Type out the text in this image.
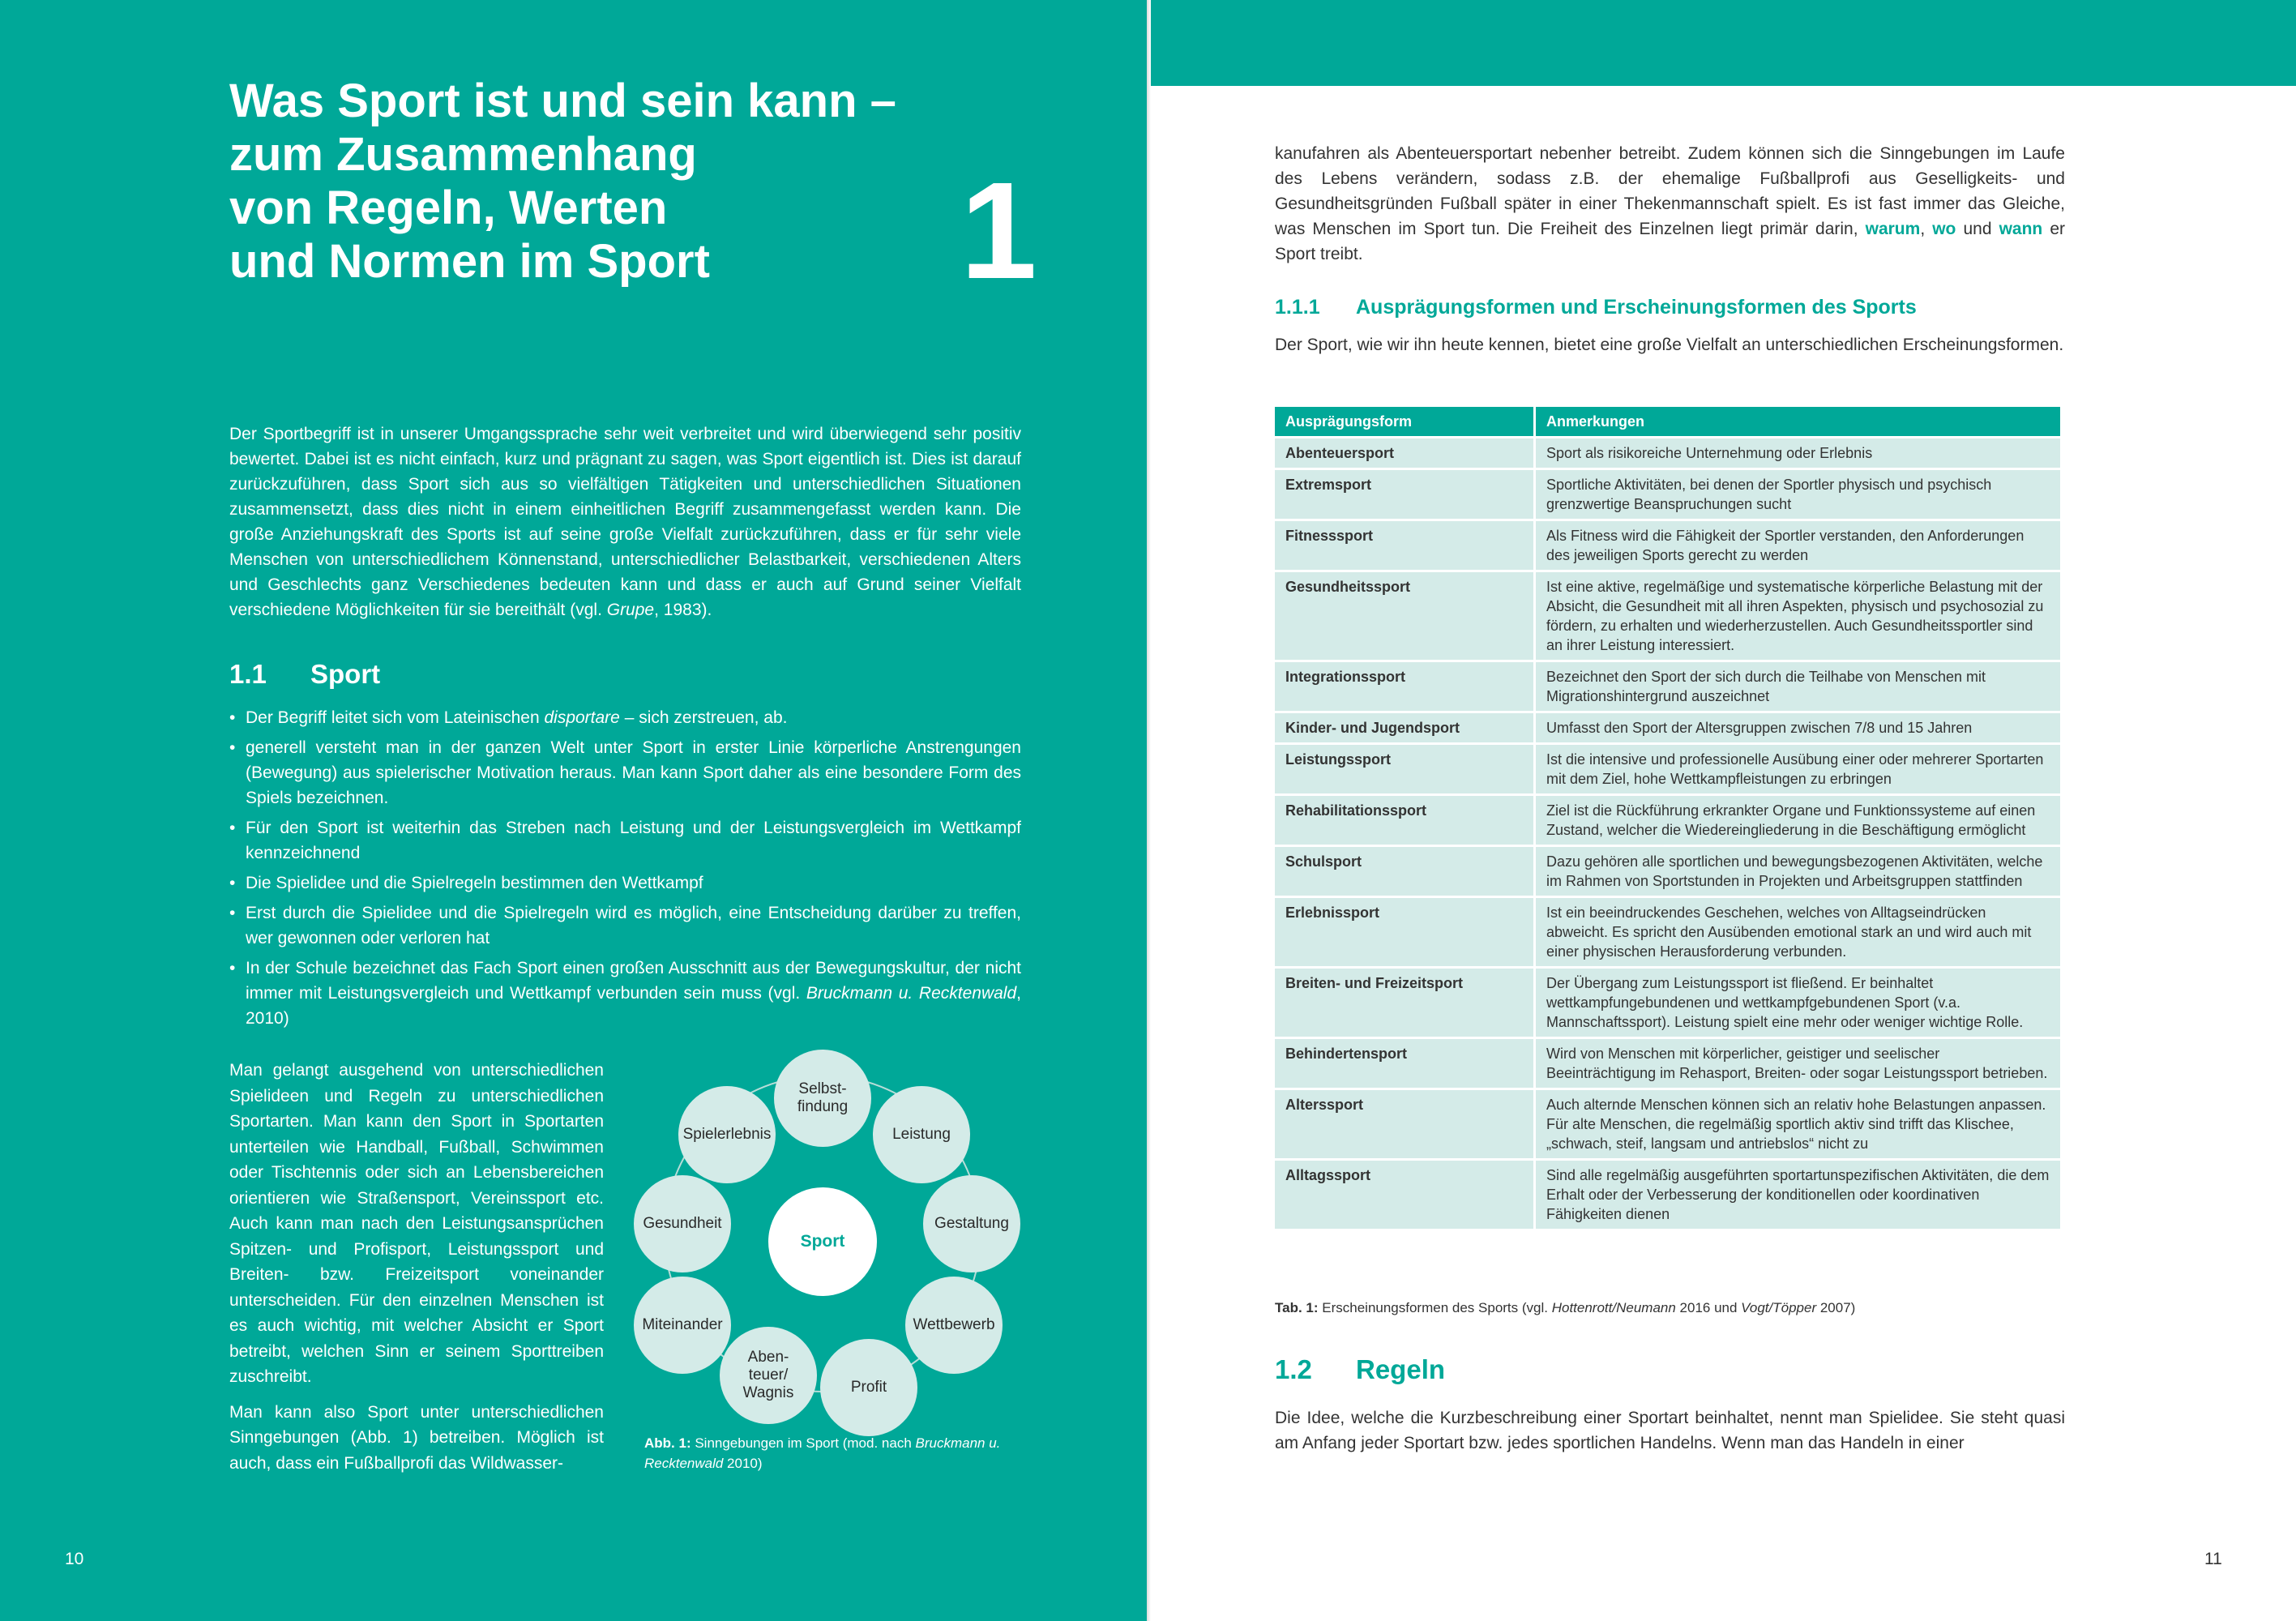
Was Sport ist und sein kann –
zum Zusammenhang
von Regeln, Werten
und Normen im Sport	1

Der Sportbegriff ist in unserer Umgangssprache sehr weit verbreitet und wird überwiegend sehr positiv bewertet. Dabei ist es nicht einfach, kurz und prägnant zu sagen, was Sport eigentlich ist. Dies ist darauf zurückzuführen, dass Sport sich aus so vielfältigen Tätigkeiten und unterschiedlichen Situationen zusammensetzt, dass dies nicht in einem einheitlichen Begriff zusammengefasst werden kann. Die große Anziehungskraft des Sports ist auf seine große Vielfalt zurückzuführen, dass er für sehr viele Menschen von unterschiedlichem Könnenstand, unterschiedlicher Belastbarkeit, verschiedenen Alters und Geschlechts ganz Verschiedenes bedeuten kann und dass er auch auf Grund seiner Vielfalt verschiedene Möglichkeiten für sie bereithält (vgl. Grupe, 1983).

1.1 Sport
• Der Begriff leitet sich vom Lateinischen disportare – sich zerstreuen, ab.
• generell versteht man in der ganzen Welt unter Sport in erster Linie körperliche Anstrengungen (Bewegung) aus spielerischer Motivation heraus. Man kann Sport daher als eine besondere Form des Spiels bezeichnen.
• Für den Sport ist weiterhin das Streben nach Leistung und der Leistungsvergleich im Wettkampf kennzeichnend
• Die Spielidee und die Spielregeln bestimmen den Wettkampf
• Erst durch die Spielidee und die Spielregeln wird es möglich, eine Entscheidung darüber zu treffen, wer gewonnen oder verloren hat
• In der Schule bezeichnet das Fach Sport einen großen Ausschnitt aus der Bewegungskultur, der nicht immer mit Leistungsvergleich und Wettkampf verbunden sein muss (vgl. Bruckmann u. Recktenwald, 2010)

Man gelangt ausgehend von unterschiedlichen Spielideen und Regeln zu unterschiedlichen Sportarten. Man kann den Sport in Sportarten unterteilen wie Handball, Fußball, Schwimmen oder Tischtennis oder sich an Lebensbereichen orientieren wie Straßensport, Vereinssport etc. Auch kann man nach den Leistungsansprüchen Spitzen- und Profisport, Leistungssport und Breiten- bzw. Freizeitsport voneinander unterscheiden. Für den einzelnen Menschen ist es auch wichtig, mit welcher Absicht er Sport betreibt, welchen Sinn er seinem Sporttreiben zuschreibt.

Man kann also Sport unter unterschiedlichen Sinngebungen (Abb. 1) betreiben. Möglich ist auch, dass ein Fußballprofi das Wildwasser-

Selbst-
findung
Leistung
Gestaltung
Wettbewerb
Profit
Aben-
teuer/
Wagnis
Miteinander
Gesundheit
Spielerlebnis
Sport
Abb. 1: Sinngebungen im Sport (mod. nach Bruckmann u. Recktenwald 2010)
10

kanufahren als Abenteuersportart nebenher betreibt. Zudem können sich die Sinngebungen im Laufe des Lebens verändern, sodass z.B. der ehemalige Fußballprofi aus Geselligkeits- und Gesundheitsgründen Fußball später in einer Thekenmannschaft spielt. Es ist fast immer das Gleiche, was Menschen im Sport tun. Die Freiheit des Einzelnen liegt primär darin, warum, wo und wann er Sport treibt.

1.1.1 Ausprägungsformen und Erscheinungsformen des Sports

Der Sport, wie wir ihn heute kennen, bietet eine große Vielfalt an unterschiedlichen Erscheinungsformen.

Ausprägungsform	Anmerkungen
Abenteuersport	Sport als risikoreiche Unternehmung oder Erlebnis
Extremsport	Sportliche Aktivitäten, bei denen der Sportler physisch und psychisch grenzwertige Beanspruchungen sucht
Fitnesssport	Als Fitness wird die Fähigkeit der Sportler verstanden, den Anforderungen des jeweiligen Sports gerecht zu werden
Gesundheitssport	Ist eine aktive, regelmäßige und systematische körperliche Belastung mit der Absicht, die Gesundheit mit all ihren Aspekten, physisch und psychosozial zu fördern, zu erhalten und wiederherzustellen. Auch Gesundheitssportler sind an ihrer Leistung interessiert.
Integrationssport	Bezeichnet den Sport der sich durch die Teilhabe von Menschen mit Migrationshintergrund auszeichnet
Kinder- und Jugendsport	Umfasst den Sport der Altersgruppen zwischen 7/8 und 15 Jahren
Leistungssport	Ist die intensive und professionelle Ausübung einer oder mehrerer Sportarten mit dem Ziel, hohe Wettkampfleistungen zu erbringen
Rehabilitationssport	Ziel ist die Rückführung erkrankter Organe und Funktionssysteme auf einen Zustand, welcher die Wiedereingliederung in die Beschäftigung ermöglicht
Schulsport	Dazu gehören alle sportlichen und bewegungsbezogenen Aktivitäten, welche im Rahmen von Sportstunden in Projekten und Arbeitsgruppen stattfinden
Erlebnissport	Ist ein beeindruckendes Geschehen, welches von Alltagseindrücken abweicht. Es spricht den Ausübenden emotional stark an und wird auch mit einer physischen Herausforderung verbunden.
Breiten- und Freizeitsport	Der Übergang zum Leistungssport ist fließend. Er beinhaltet wettkampfungebundenen und wettkampfgebundenen Sport (v.a. Mannschaftssport). Leistung spielt eine mehr oder weniger wichtige Rolle.
Behindertensport	Wird von Menschen mit körperlicher, geistiger und seelischer Beeinträchtigung im Rehasport, Breiten- oder sogar Leistungssport betrieben.
Alterssport	Auch alternde Menschen können sich an relativ hohe Belastungen anpassen. Für alte Menschen, die regelmäßig sportlich aktiv sind trifft das Klischee, „schwach, steif, langsam und antriebslos“ nicht zu
Alltagssport	Sind alle regelmäßig ausgeführten sportartunspezifischen Aktivitäten, die dem Erhalt oder der Verbesserung der konditionellen oder koordinativen Fähigkeiten dienen
Tab. 1: Erscheinungsformen des Sports (vgl. Hottenrott/Neumann 2016 und Vogt/Töpper 2007)
1.2 Regeln

Die Idee, welche die Kurzbeschreibung einer Sportart beinhaltet, nennt man Spielidee. Sie steht quasi am Anfang jeder Sportart bzw. jedes sportlichen Handelns. Wenn man das Handeln in einer

11
